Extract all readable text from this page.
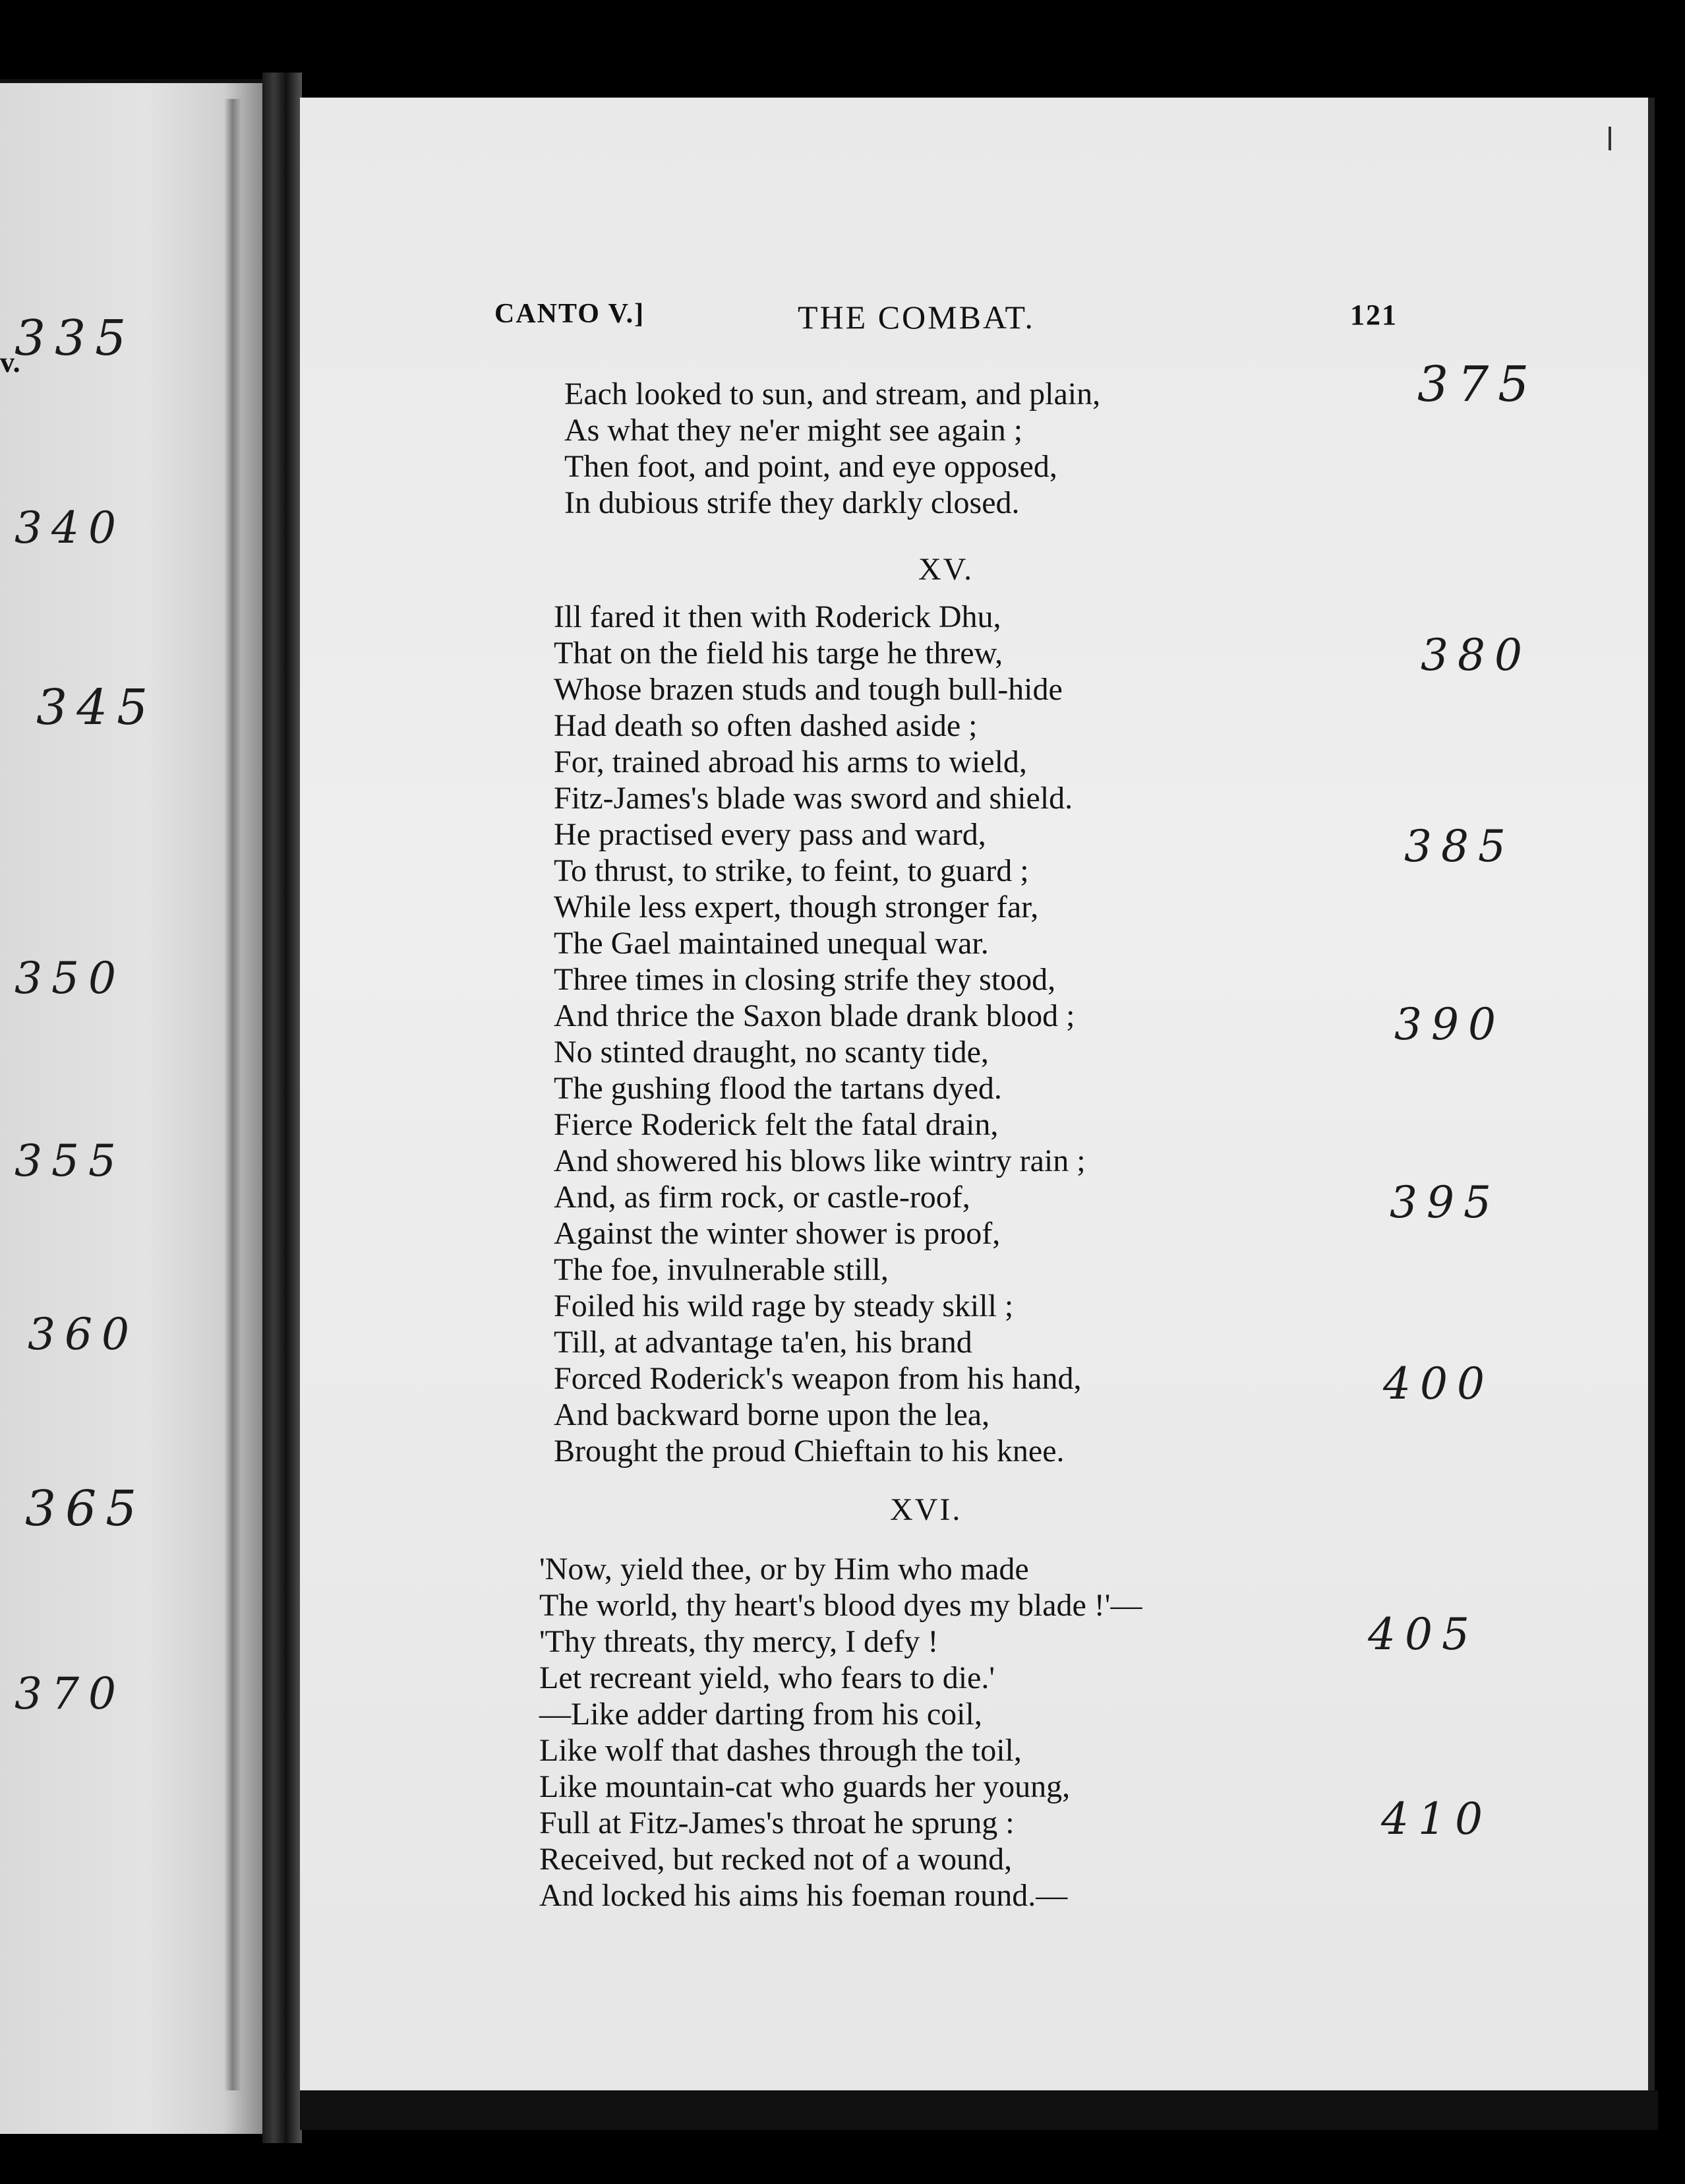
v.
CANTO V.]	THE COMBAT.	121
Each looked to sun, and stream, and plain,
As what they ne'er might see again ;
Then foot, and point, and eye opposed,
In dubious strife they darkly closed.
XV.
Ill fared it then with Roderick Dhu,
That on the field his targe he threw,
Whose brazen studs and tough bull-hide
Had death so often dashed aside ;
For, trained abroad his arms to wield,
Fitz-James's blade was sword and shield.
He practised every pass and ward,
To thrust, to strike, to feint, to guard ;
While less expert, though stronger far,
The Gael maintained unequal war.
Three times in closing strife they stood,
And thrice the Saxon blade drank blood ;
No stinted draught, no scanty tide,
The gushing flood the tartans dyed.
Fierce Roderick felt the fatal drain,
And showered his blows like wintry rain ;
And, as firm rock, or castle-roof,
Against the winter shower is proof,
The foe, invulnerable still,
Foiled his wild rage by steady skill ;
Till, at advantage ta'en, his brand
Forced Roderick's weapon from his hand,
And backward borne upon the lea,
Brought the proud Chieftain to his knee.
XVI.
'Now, yield thee, or by Him who made
The world, thy heart's blood dyes my blade !'—
'Thy threats, thy mercy, I defy !
Let recreant yield, who fears to die.'
—Like adder darting from his coil,
Like wolf that dashes through the toil,
Like mountain-cat who guards her young,
Full at Fitz-James's throat he sprung :
Received, but recked not of a wound,
And locked his aims his foeman round.—
335
340
345
350
355
360
365
370
375
380
385
390
395
400
405
410
